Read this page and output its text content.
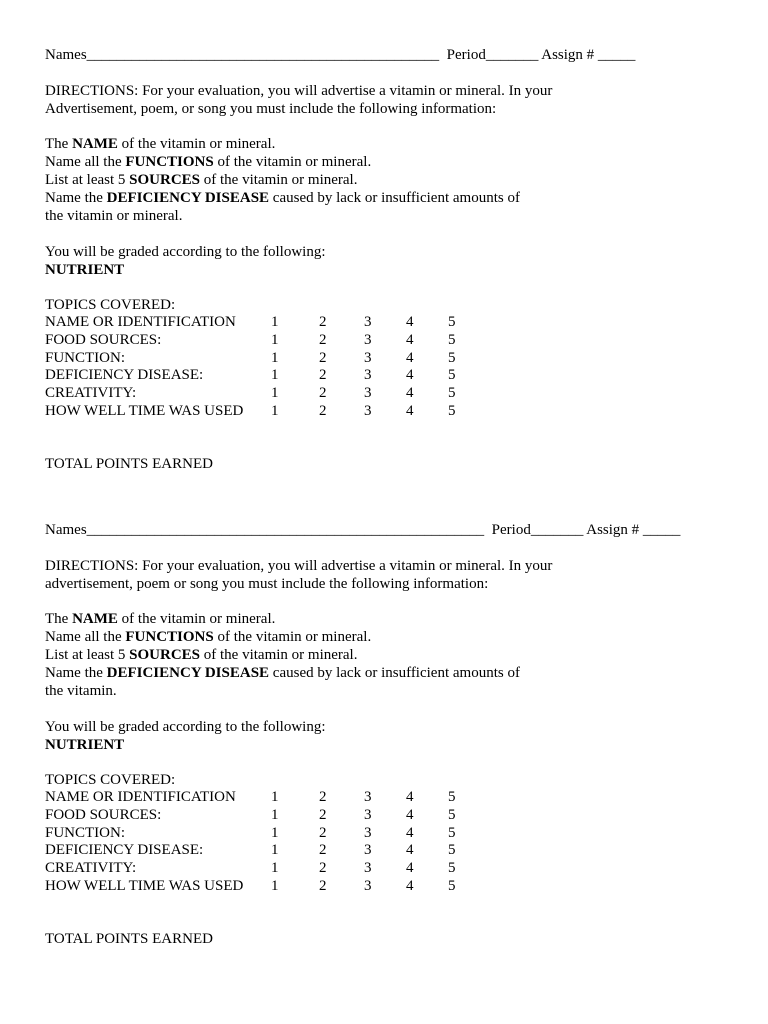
Names_______________________________________________  Period_______ Assign # _____
DIRECTIONS: For your evaluation, you will advertise a vitamin or mineral. In your
Advertisement, poem, or song you must include the following information:
The NAME of the vitamin or mineral.
Name all the FUNCTIONS of the vitamin or mineral.
List at least 5 SOURCES of the vitamin or mineral.
Name the DEFICIENCY DISEASE caused by lack or insufficient amounts of
the vitamin or mineral.
You will be graded according to the following:
NUTRIENT
TOPICS COVERED:
NAME OR IDENTIFICATION	1	2	3	4	5
FOOD SOURCES:	1	2	3	4	5
FUNCTION:	1	2	3	4	5
DEFICIENCY DISEASE:	1	2	3	4	5
CREATIVITY:	1	2	3	4	5
HOW WELL TIME WAS USED	1	2	3	4	5
TOTAL POINTS EARNED
Names_____________________________________________________  Period_______ Assign # _____
DIRECTIONS: For your evaluation, you will advertise a vitamin or mineral. In your
advertisement, poem or song you must include the following information:
The NAME of the vitamin or mineral.
Name all the FUNCTIONS of the vitamin or mineral.
List at least 5 SOURCES of the vitamin or mineral.
Name the DEFICIENCY DISEASE caused by lack or insufficient amounts of
the vitamin.
You will be graded according to the following:
NUTRIENT
TOPICS COVERED:
NAME OR IDENTIFICATION	1	2	3	4	5
FOOD SOURCES:	1	2	3	4	5
FUNCTION:	1	2	3	4	5
DEFICIENCY DISEASE:	1	2	3	4	5
CREATIVITY:	1	2	3	4	5
HOW WELL TIME WAS USED	1	2	3	4	5
TOTAL POINTS EARNED
